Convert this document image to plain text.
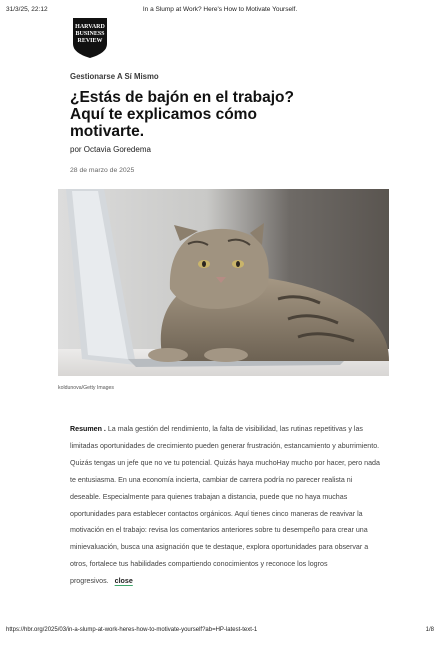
31/3/25, 22:12	In a Slump at Work? Here's How to Motivate Yourself.
HARVARD
BUSINESS
REVIEW
Gestionarse A Sí Mismo
¿Estás de bajón en el trabajo? Aquí te explicamos cómo motivarte.
por Octavia Goredema
28 de marzo de 2025
koldunova/Getty Images

Resumen . La mala gestión del rendimiento, la falta de visibilidad, las rutinas repetitivas y las limitadas oportunidades de crecimiento pueden generar frustración, estancamiento y aburrimiento. Quizás tengas un jefe que no ve tu potencial. Quizás haya muchoHay mucho por hacer, pero nada te entusiasma. En una economía incierta, cambiar de carrera podría no parecer realista ni deseable. Especialmente para quienes trabajan a distancia, puede que no haya muchas oportunidades para establecer contactos orgánicos. Aquí tienes cinco maneras de reavivar la motivación en el trabajo: revisa los comentarios anteriores sobre tu desempeño para crear una minievaluación, busca una asignación que te destaque, explora oportunidades para observar a otros, fortalece tus habilidades compartiendo conocimientos y reconoce los logros progresivos. close

https://hbr.org/2025/03/in-a-slump-at-work-heres-how-to-motivate-yourself?ab=HP-latest-text-1	1/8
